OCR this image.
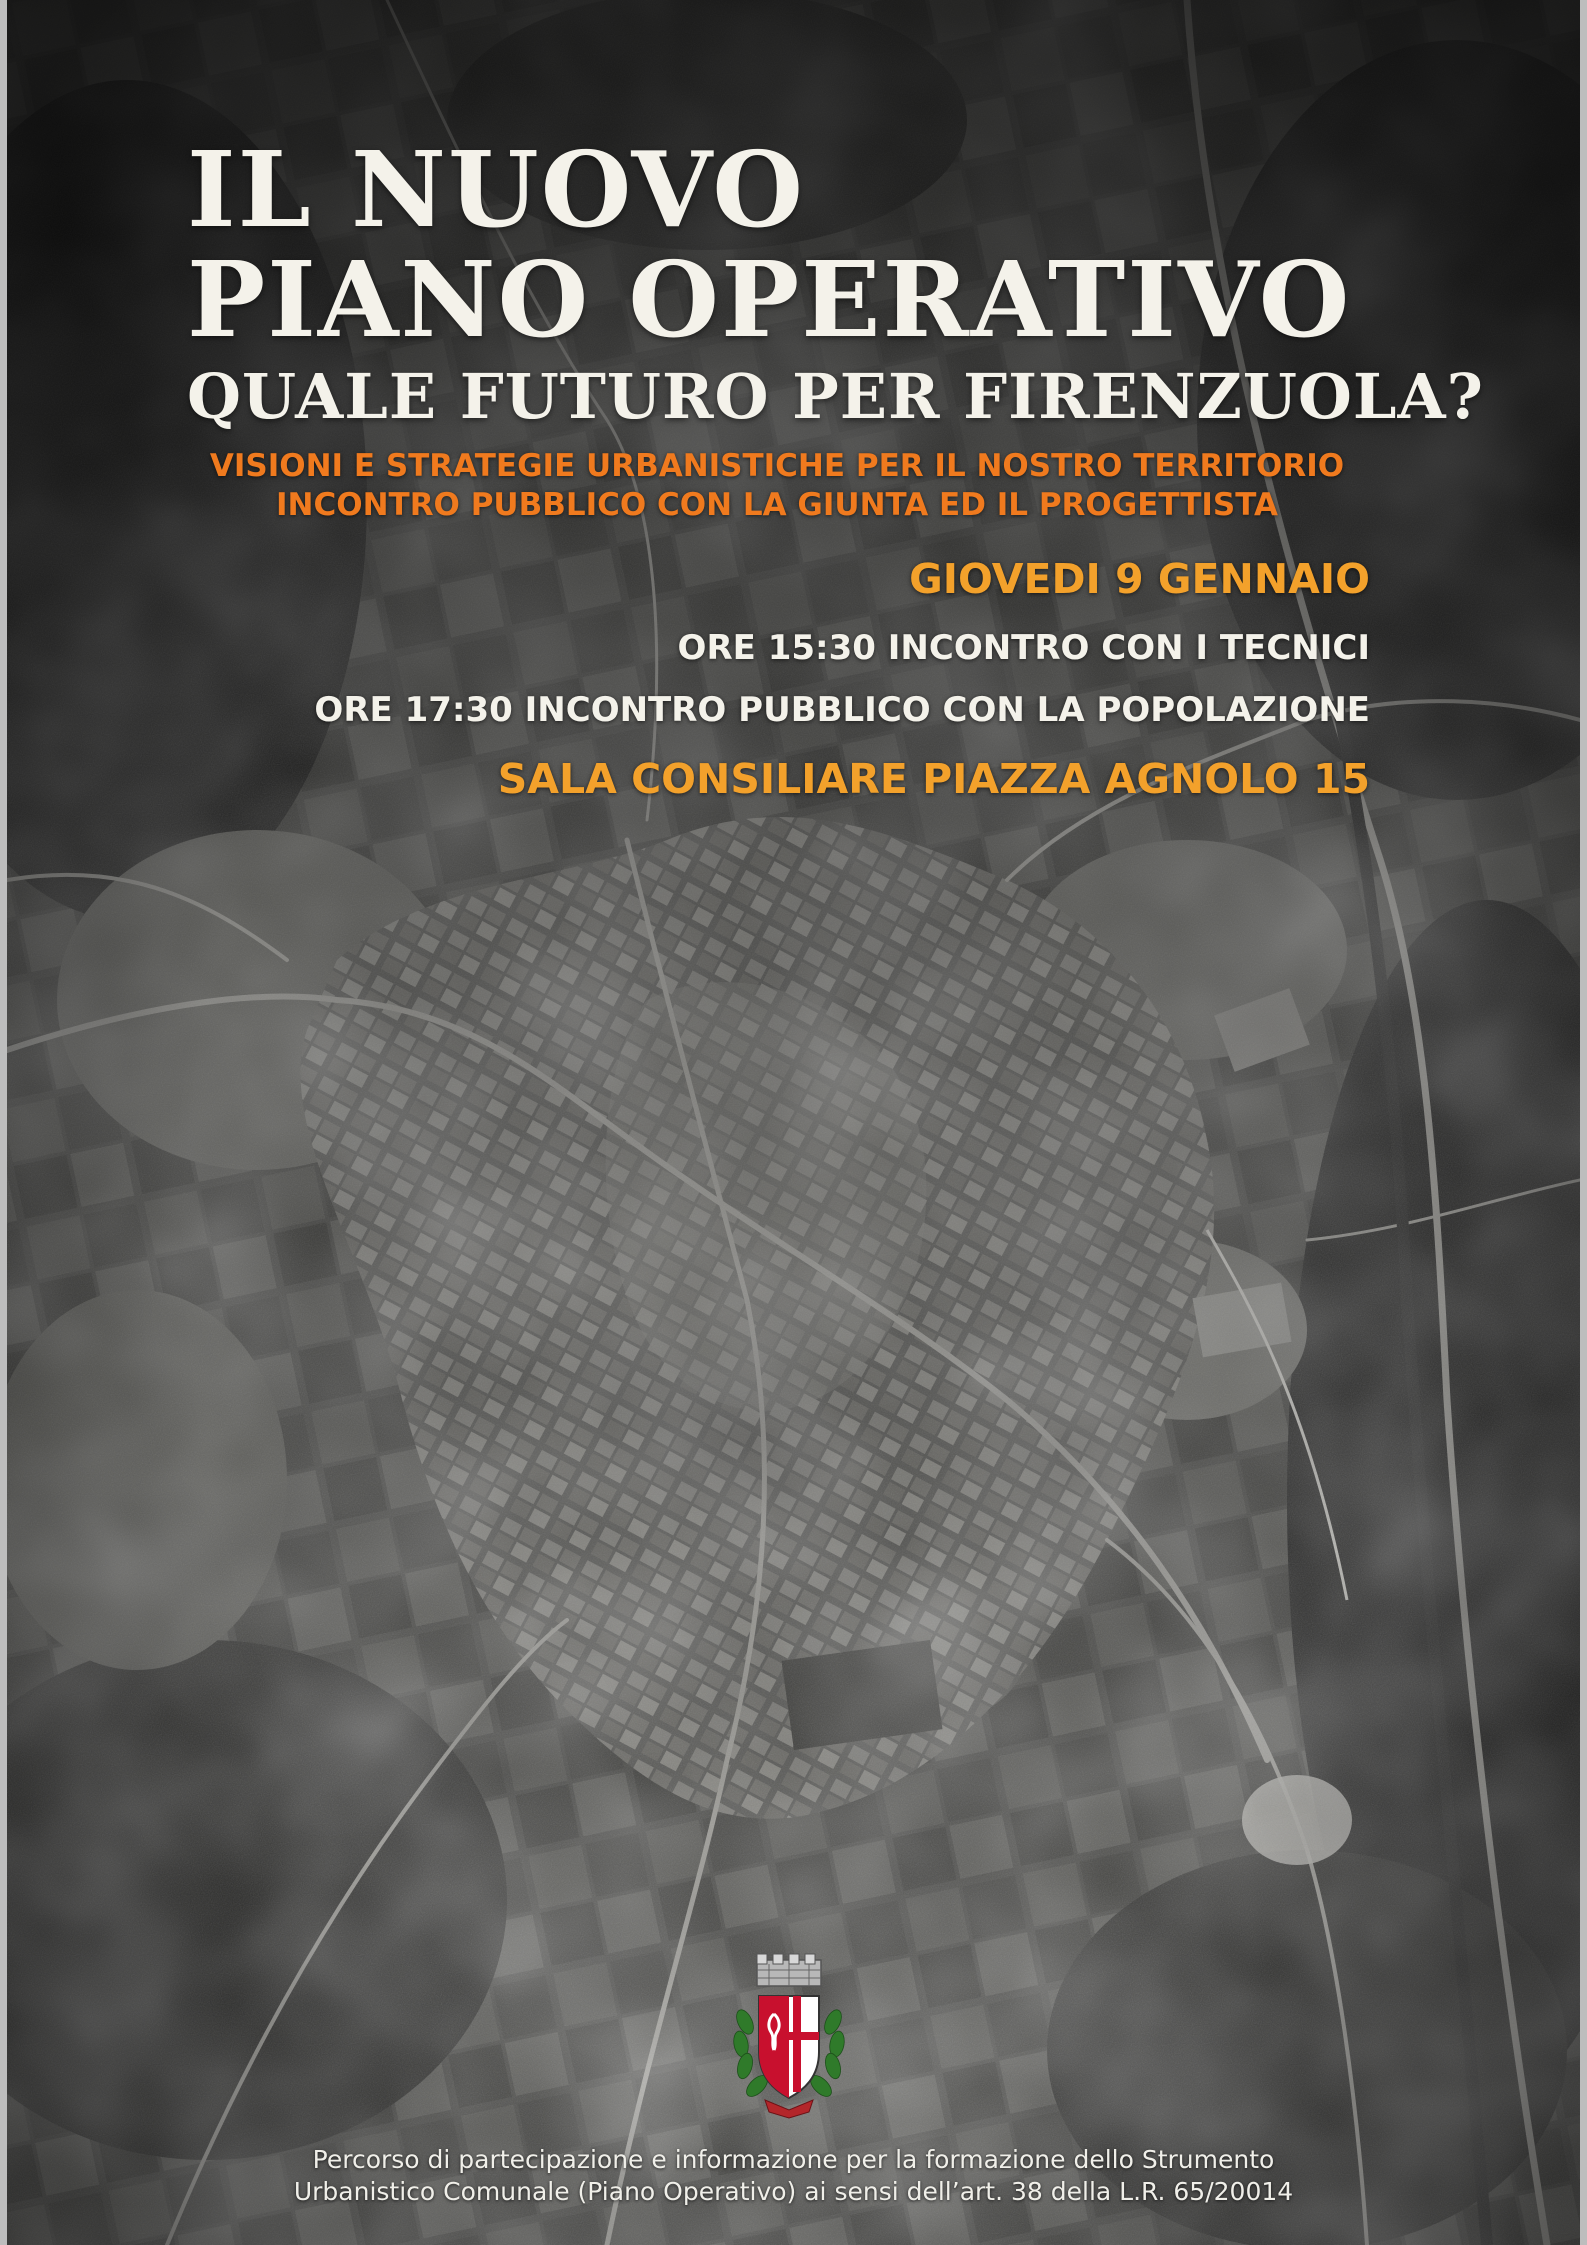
IL NUOVO
PIANO OPERATIVO
QUALE FUTURO PER FIRENZUOLA?
VISIONI E STRATEGIE URBANISTICHE PER IL NOSTRO TERRITORIO
INCONTRO PUBBLICO CON LA GIUNTA ED IL PROGETTISTA
GIOVEDI 9 GENNAIO
ORE 15:30 INCONTRO CON I TECNICI
ORE 17:30 INCONTRO PUBBLICO CON LA POPOLAZIONE
SALA CONSILIARE PIAZZA AGNOLO 15
Percorso di partecipazione e informazione per la formazione dello Strumento
Urbanistico Comunale (Piano Operativo) ai sensi dell’art. 38 della L.R. 65/20014
